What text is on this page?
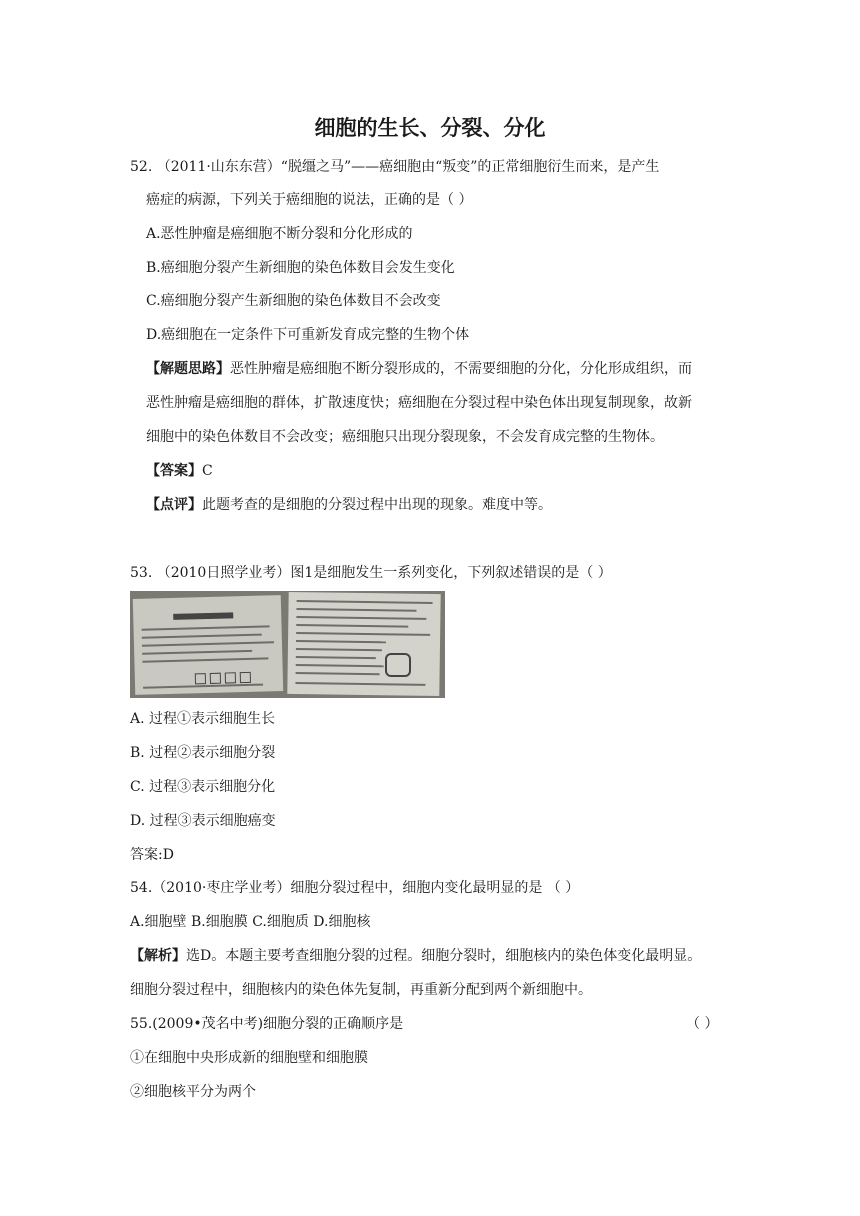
细胞的生长、分裂、分化
52. （2011·山东东营）“脱缰之马”——癌细胞由“叛变”的正常细胞衍生而来，是产生
癌症的病源，下列关于癌细胞的说法，正确的是（ ）
A.恶性肿瘤是癌细胞不断分裂和分化形成的
B.癌细胞分裂产生新细胞的染色体数目会发生变化
C.癌细胞分裂产生新细胞的染色体数目不会改变
D.癌细胞在一定条件下可重新发育成完整的生物个体
【解题思路】恶性肿瘤是癌细胞不断分裂形成的，不需要细胞的分化，分化形成组织，而
恶性肿瘤是癌细胞的群体，扩散速度快；癌细胞在分裂过程中染色体出现复制现象，故新
细胞中的染色体数目不会改变；癌细胞只出现分裂现象，不会发育成完整的生物体。
【答案】C
【点评】此题考查的是细胞的分裂过程中出现的现象。难度中等。
53. （2010日照学业考）图1是细胞发生一系列变化，下列叙述错误的是（ ）
A. 过程①表示细胞生长
B. 过程②表示细胞分裂
C. 过程③表示细胞分化
D. 过程③表示细胞癌变
答案:D
54.（2010·枣庄学业考）细胞分裂过程中，细胞内变化最明显的是 （ ）
A.细胞壁 B.细胞膜 C.细胞质 D.细胞核
【解析】选D。本题主要考查细胞分裂的过程。细胞分裂时，细胞核内的染色体变化最明显。
细胞分裂过程中，细胞核内的染色体先复制，再重新分配到两个新细胞中。
55.(2009•茂名中考)细胞分裂的正确顺序是	（ ）
①在细胞中央形成新的细胞壁和细胞膜
②细胞核平分为两个
